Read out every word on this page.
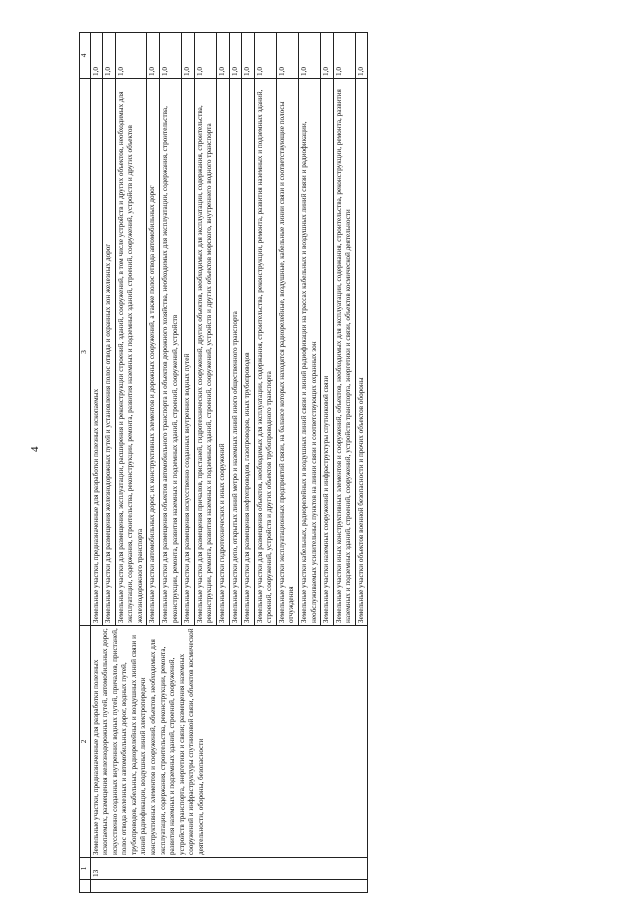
4
	1	2	3	4
	13	Земельные участки, предназначенные для разработки полезных ископаемых, размещения железнодорожных путей, автомобильных дорог, искусственно созданных внутренних водных путей, причалов, пристаней, полос отвода железных и автомобильных дорог, водных путей, трубопроводов, кабельных, радиорелейных и воздушных линий связи и линий радиофикации, воздушных линий электропередачи конструктивных элементов и сооружений, объектов, необходимых для эксплуатации, содержания, строительства, реконструкции, ремонта, развития наземных и подземных зданий, строений, сооружений, устройств транспорта, энергетики и связи; размещения наземных сооружений и инфраструктуры спутниковой связи, объектов космической деятельности, обороны, безопасности	Земельные участки, предназначенные для разработки полезных ископаемых	1,0
			Земельные участки для размещения железнодорожных путей и установления полос отвода и охранных зон железных дорог	1,0
			Земельные участки для размещения, эксплуатации, расширения и реконструкции строений, зданий, сооружений, в том числе устройств и других объектов, необходимых для эксплуатации, содержания, строительства, реконструкции, ремонта, развития наземных и подземных зданий, строений, сооружений, устройств и других объектов железнодорожного транспорта	1,0
			Земельные участки автомобильных дорог, их конструктивных элементов и дорожных сооружений, а также полос отвода автомобильных дорог	1,0
			Земельные участки для размещения объектов автомобильного транспорта и объектов дорожного хозяйства, необходимых для эксплуатации, содержания, строительства, реконструкции, ремонта, развития наземных и подземных зданий, строений, сооружений, устройств	1,0
			Земельные участки для размещения искусственно созданных внутренних водных путей	1,0
			Земельные участки для размещения причалов, пристаней, гидротехнических сооружений, других объектов, необходимых для эксплуатации, содержания, строительства, реконструкции, ремонта, развития наземных и подземных зданий, строений, сооружений, устройств и других объектов морского, внутреннего водного транспорта	1,0
			Земельные участки гидротехнических и иных сооружений	1,0
			Земельные участки депо, открытых линий метро и наземных линий иного общественного транспорта	1,0
			Земельные участки для размещения нефтепроводов, газопроводов, иных трубопроводов	1,0
			Земельные участки для размещения объектов, необходимых для эксплуатации, содержания, строительства, реконструкции, ремонта, развития наземных и подземных зданий, строений, сооружений, устройств и других объектов трубопроводного транспорта	1,0
			Земельные участки эксплуатационных предприятий связи, на балансе которых находятся радиорелейные, воздушные, кабельные линии связи и соответствующие полосы отчуждения	1,0
			Земельные участки кабельных, радиорелейных и воздушных линий связи и линий радиофикации на трассах кабельных и воздушных линий связи и радиофикации, необслуживаемых усилительных пунктов на линии связи и соответствующих охранных зон	1,0
			Земельные участки наземных сооружений и инфраструктуры спутниковой связи	1,0
			Земельные участки иных конструктивных элементов и сооружений, объектов, необходимых для эксплуатации, содержания, строительства, реконструкции, ремонта, развития наземных и подземных зданий, строений, сооружений, устройств транспорта, энергетики и связи, объектов космической деятельности	1,0
			Земельные участки объектов военной безопасности и прочих объектов обороны	1,0
